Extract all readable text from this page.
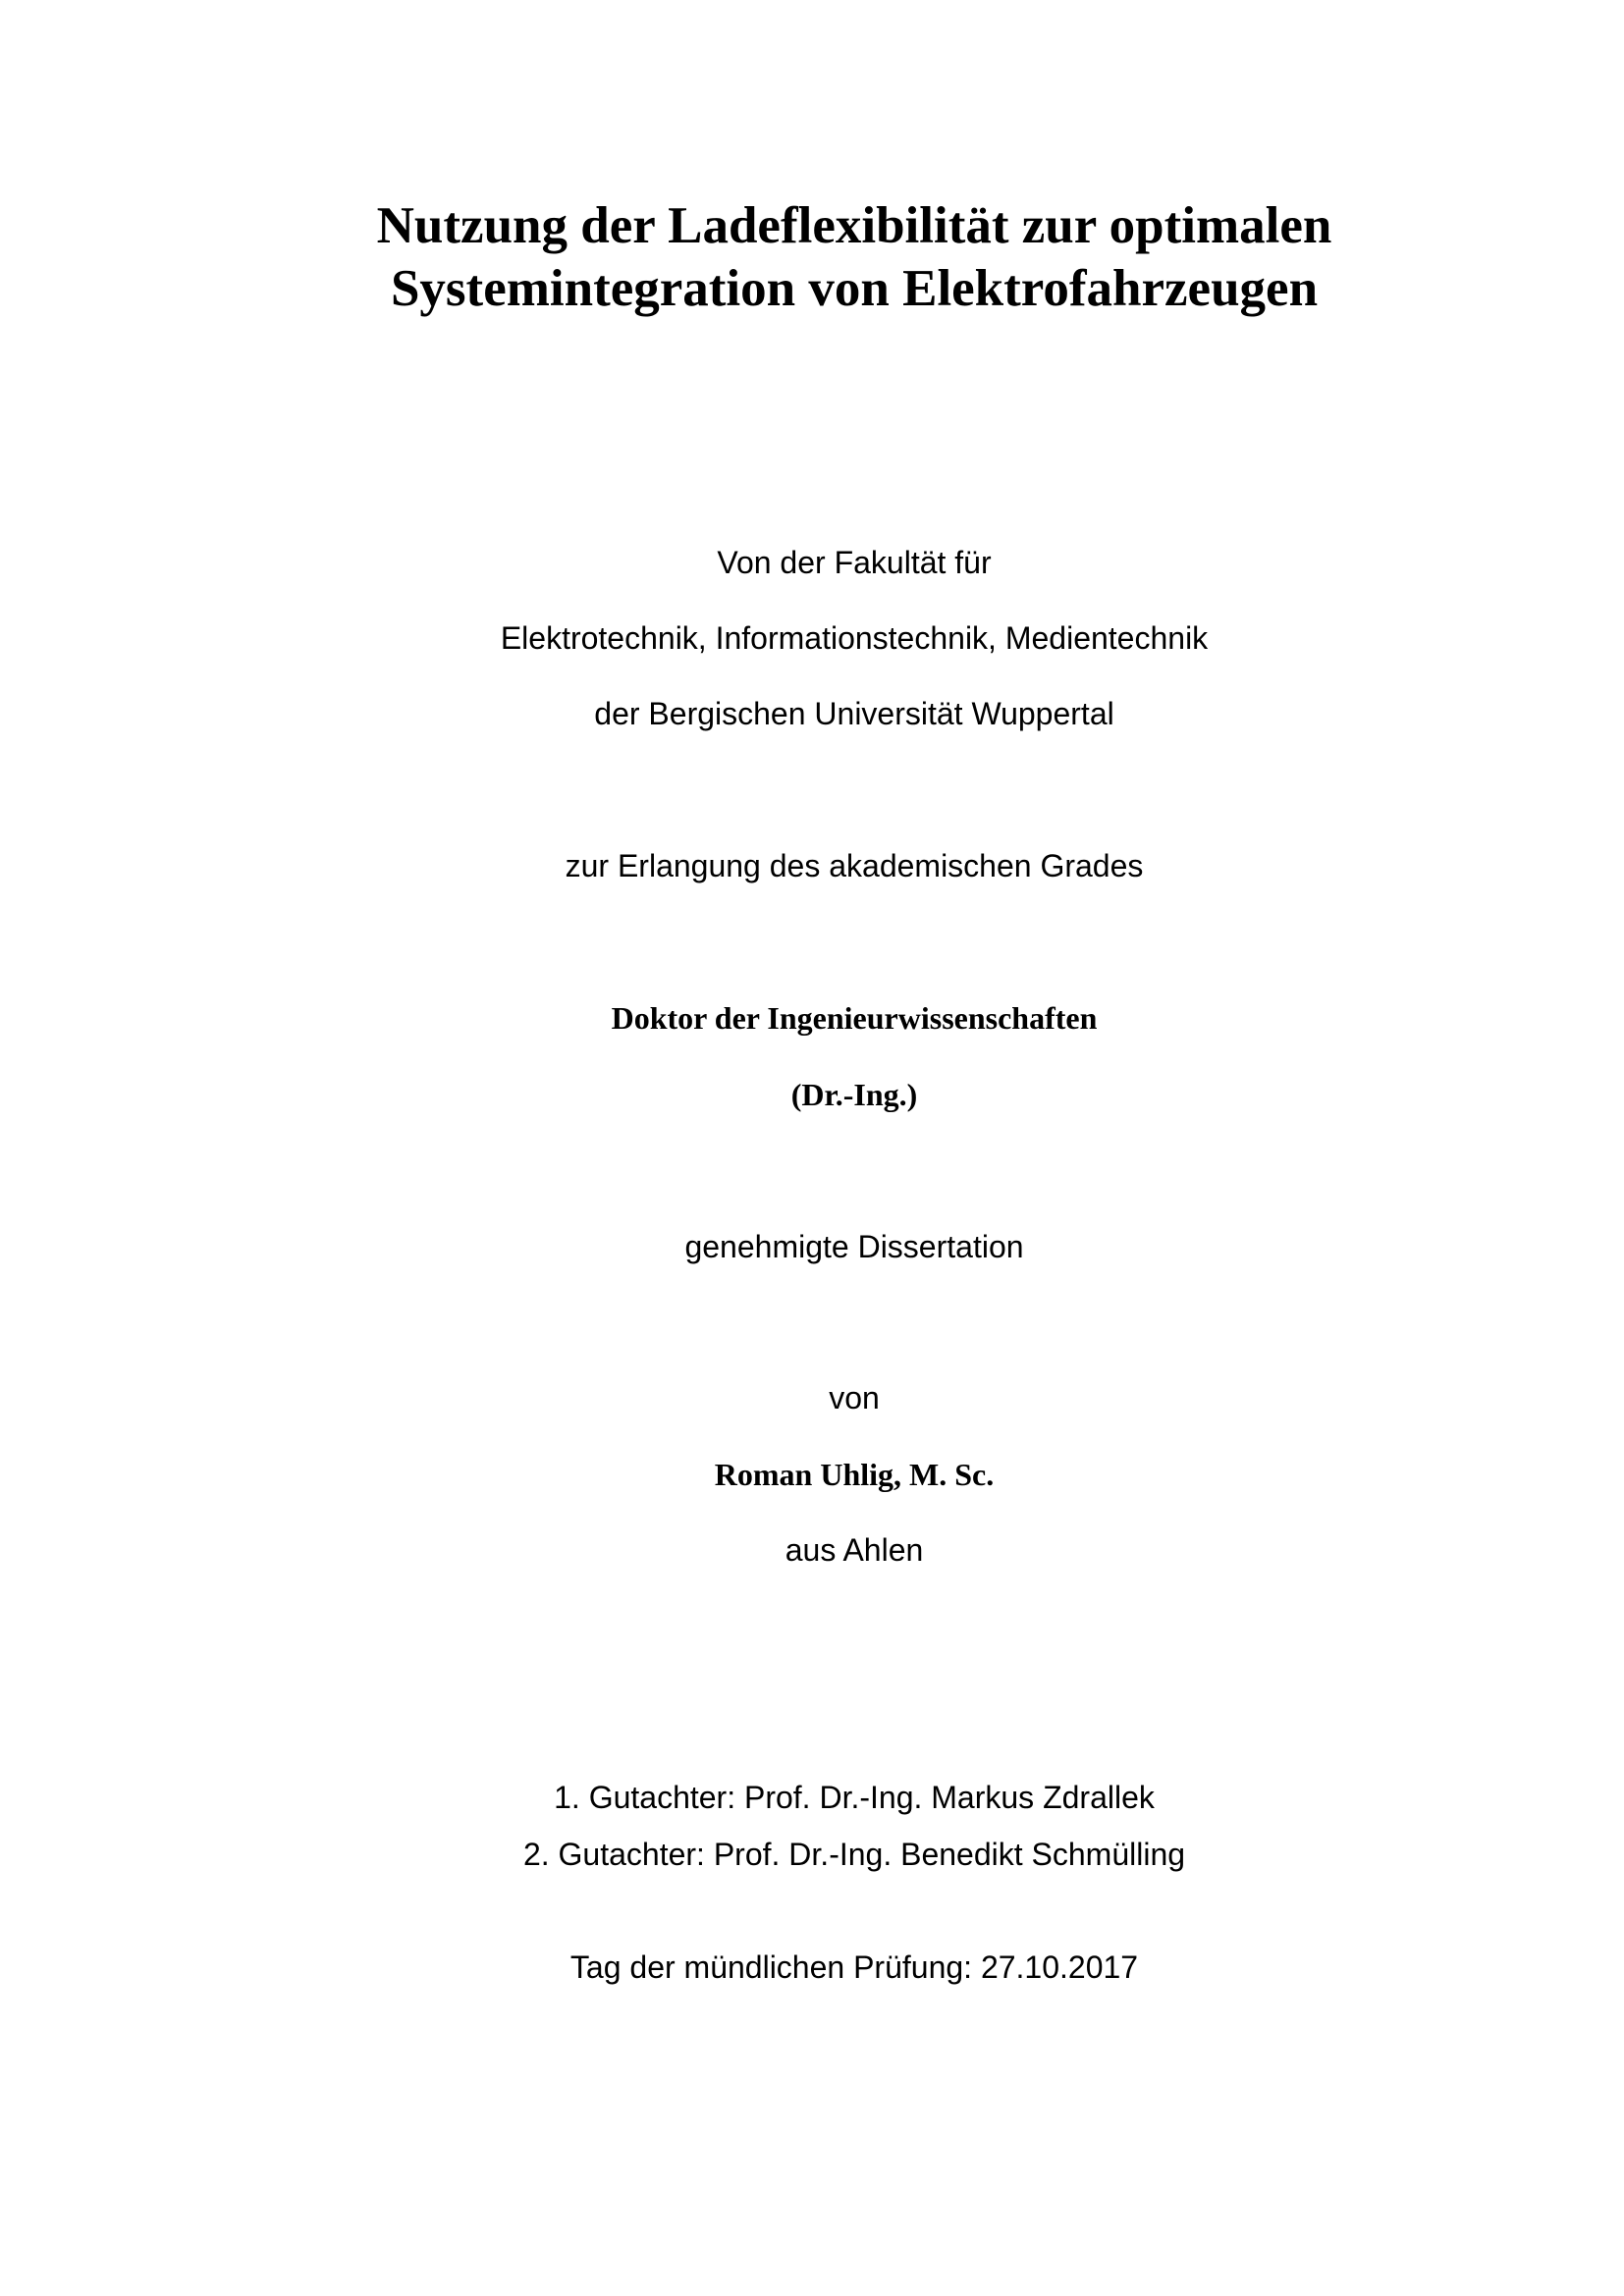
Nutzung der Ladeflexibilität zur optimalen
Systemintegration von Elektrofahrzeugen
Von der Fakultät für
Elektrotechnik, Informationstechnik, Medientechnik
der Bergischen Universität Wuppertal
zur Erlangung des akademischen Grades
Doktor der Ingenieurwissenschaften
(Dr.-Ing.)
genehmigte Dissertation
von
Roman Uhlig, M. Sc.
aus Ahlen
1. Gutachter: Prof. Dr.-Ing. Markus Zdrallek
2. Gutachter: Prof. Dr.-Ing. Benedikt Schmülling
Tag der mündlichen Prüfung: 27.10.2017
